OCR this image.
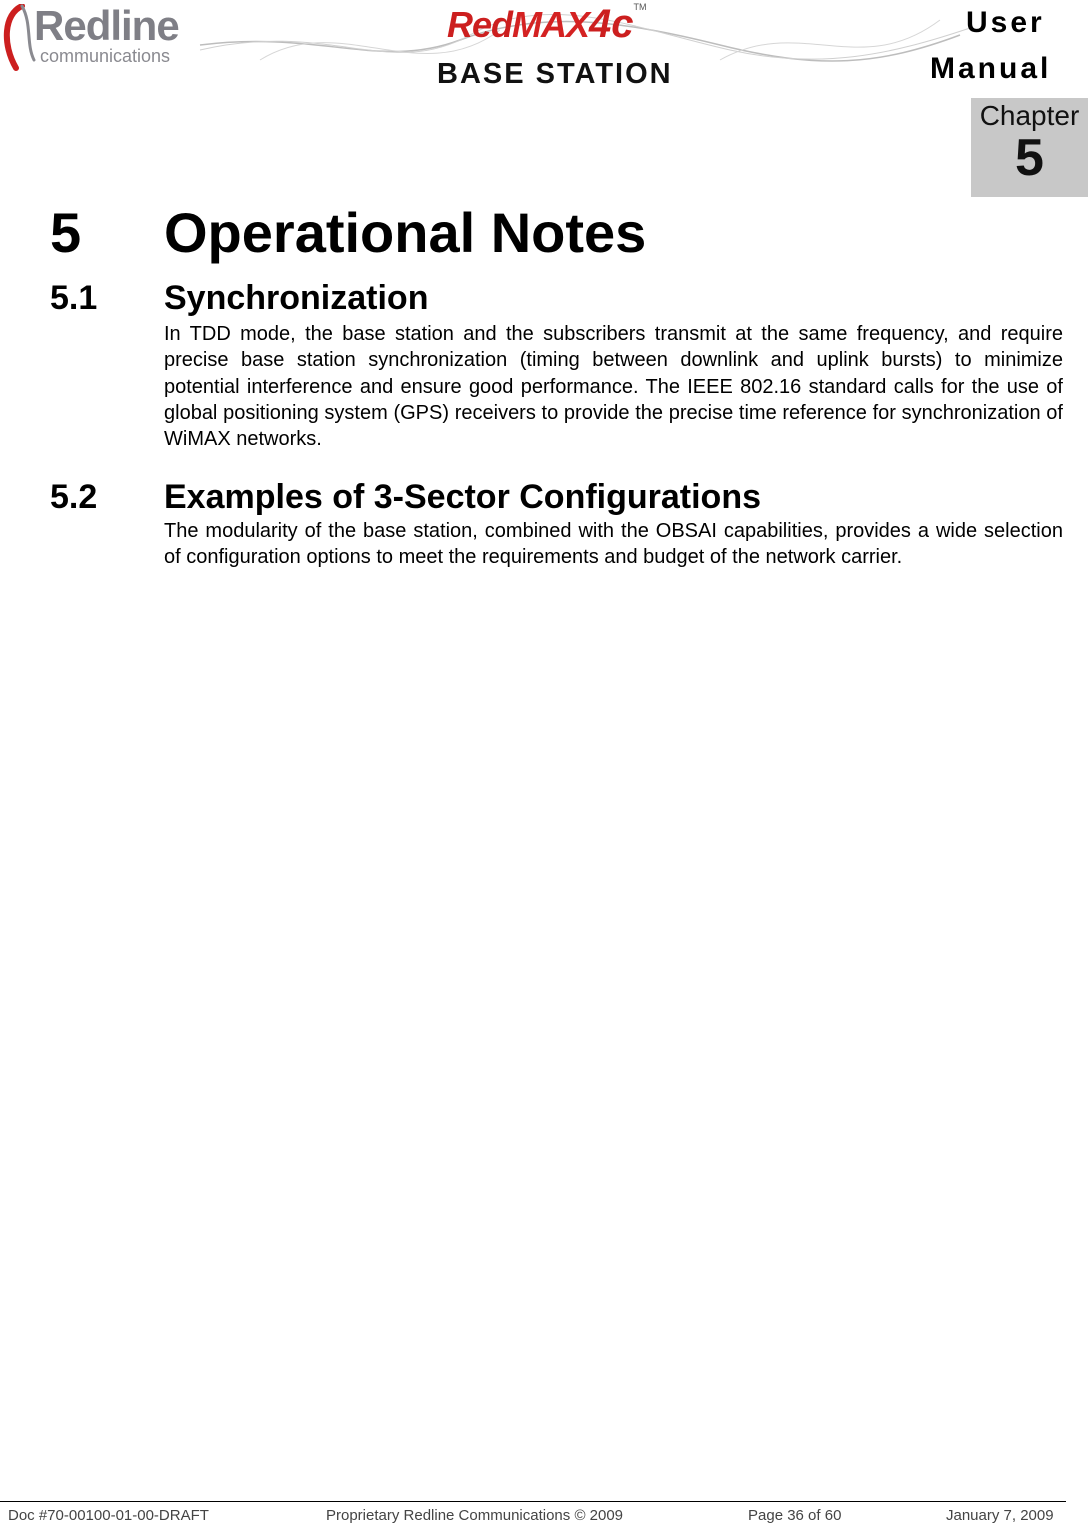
Redline
communications
RedMAX4c™
BASE STATION
User
Manual
Chapter
5
5 Operational Notes
5.1 Synchronization
In TDD mode, the base station and the subscribers transmit at the same frequency, and require precise base station synchronization (timing between downlink and uplink bursts) to minimize potential interference and ensure good performance. The IEEE 802.16 standard calls for the use of global positioning system (GPS) receivers to provide the precise time reference for synchronization of WiMAX networks.
5.2 Examples of 3-Sector Configurations
The modularity of the base station, combined with the OBSAI capabilities, provides a wide selection of configuration options to meet the requirements and budget of the network carrier.
Doc #70-00100-01-00-DRAFT	Proprietary Redline Communications © 2009	Page 36 of 60	January 7, 2009
